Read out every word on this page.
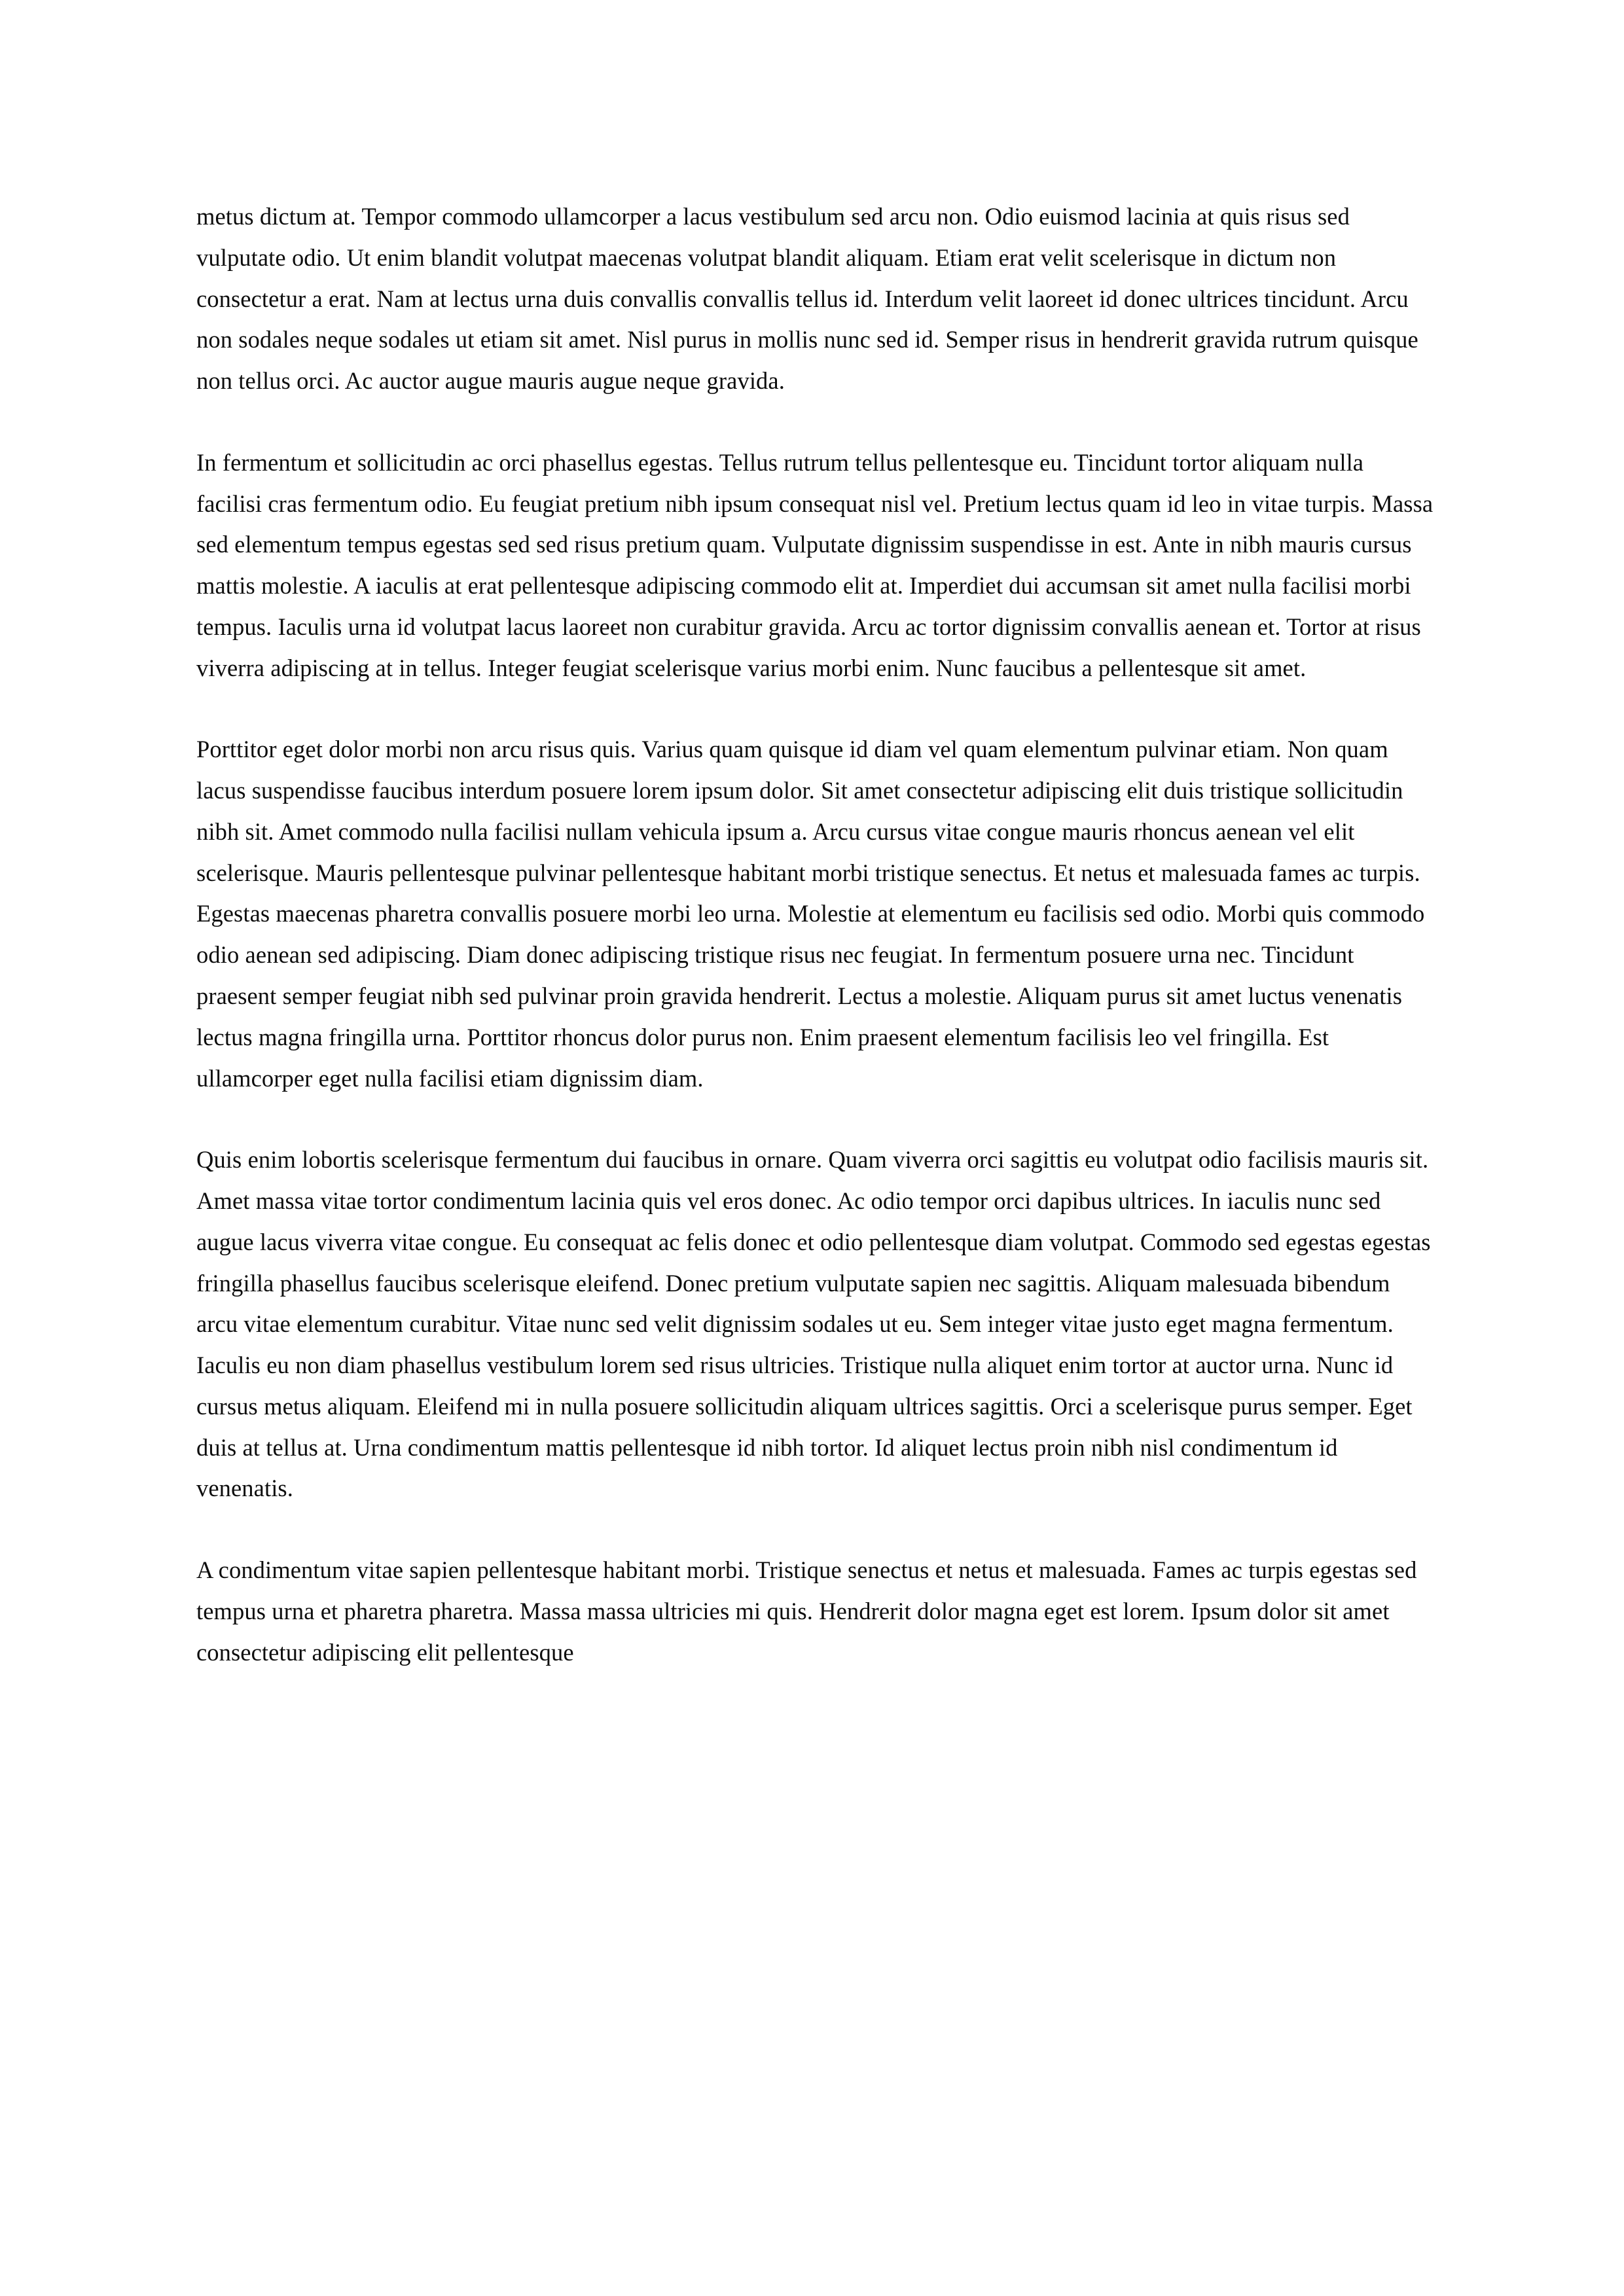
metus dictum at. Tempor commodo ullamcorper a lacus vestibulum sed arcu non. Odio euismod lacinia at quis risus sed vulputate odio. Ut enim blandit volutpat maecenas volutpat blandit aliquam. Etiam erat velit scelerisque in dictum non consectetur a erat. Nam at lectus urna duis convallis convallis tellus id. Interdum velit laoreet id donec ultrices tincidunt. Arcu non sodales neque sodales ut etiam sit amet. Nisl purus in mollis nunc sed id. Semper risus in hendrerit gravida rutrum quisque non tellus orci. Ac auctor augue mauris augue neque gravida.

In fermentum et sollicitudin ac orci phasellus egestas. Tellus rutrum tellus pellentesque eu. Tincidunt tortor aliquam nulla facilisi cras fermentum odio. Eu feugiat pretium nibh ipsum consequat nisl vel. Pretium lectus quam id leo in vitae turpis. Massa sed elementum tempus egestas sed sed risus pretium quam. Vulputate dignissim suspendisse in est. Ante in nibh mauris cursus mattis molestie. A iaculis at erat pellentesque adipiscing commodo elit at. Imperdiet dui accumsan sit amet nulla facilisi morbi tempus. Iaculis urna id volutpat lacus laoreet non curabitur gravida. Arcu ac tortor dignissim convallis aenean et. Tortor at risus viverra adipiscing at in tellus. Integer feugiat scelerisque varius morbi enim. Nunc faucibus a pellentesque sit amet.

Porttitor eget dolor morbi non arcu risus quis. Varius quam quisque id diam vel quam elementum pulvinar etiam. Non quam lacus suspendisse faucibus interdum posuere lorem ipsum dolor. Sit amet consectetur adipiscing elit duis tristique sollicitudin nibh sit. Amet commodo nulla facilisi nullam vehicula ipsum a. Arcu cursus vitae congue mauris rhoncus aenean vel elit scelerisque. Mauris pellentesque pulvinar pellentesque habitant morbi tristique senectus. Et netus et malesuada fames ac turpis. Egestas maecenas pharetra convallis posuere morbi leo urna. Molestie at elementum eu facilisis sed odio. Morbi quis commodo odio aenean sed adipiscing. Diam donec adipiscing tristique risus nec feugiat. In fermentum posuere urna nec. Tincidunt praesent semper feugiat nibh sed pulvinar proin gravida hendrerit. Lectus a molestie. Aliquam purus sit amet luctus venenatis lectus magna fringilla urna. Porttitor rhoncus dolor purus non. Enim praesent elementum facilisis leo vel fringilla. Est ullamcorper eget nulla facilisi etiam dignissim diam.

Quis enim lobortis scelerisque fermentum dui faucibus in ornare. Quam viverra orci sagittis eu volutpat odio facilisis mauris sit. Amet massa vitae tortor condimentum lacinia quis vel eros donec. Ac odio tempor orci dapibus ultrices. In iaculis nunc sed augue lacus viverra vitae congue. Eu consequat ac felis donec et odio pellentesque diam volutpat. Commodo sed egestas egestas fringilla phasellus faucibus scelerisque eleifend. Donec pretium vulputate sapien nec sagittis. Aliquam malesuada bibendum arcu vitae elementum curabitur. Vitae nunc sed velit dignissim sodales ut eu. Sem integer vitae justo eget magna fermentum. Iaculis eu non diam phasellus vestibulum lorem sed risus ultricies. Tristique nulla aliquet enim tortor at auctor urna. Nunc id cursus metus aliquam. Eleifend mi in nulla posuere sollicitudin aliquam ultrices sagittis. Orci a scelerisque purus semper. Eget duis at tellus at. Urna condimentum mattis pellentesque id nibh tortor. Id aliquet lectus proin nibh nisl condimentum id venenatis.

A condimentum vitae sapien pellentesque habitant morbi. Tristique senectus et netus et malesuada. Fames ac turpis egestas sed tempus urna et pharetra pharetra. Massa massa ultricies mi quis. Hendrerit dolor magna eget est lorem. Ipsum dolor sit amet consectetur adipiscing elit pellentesque
